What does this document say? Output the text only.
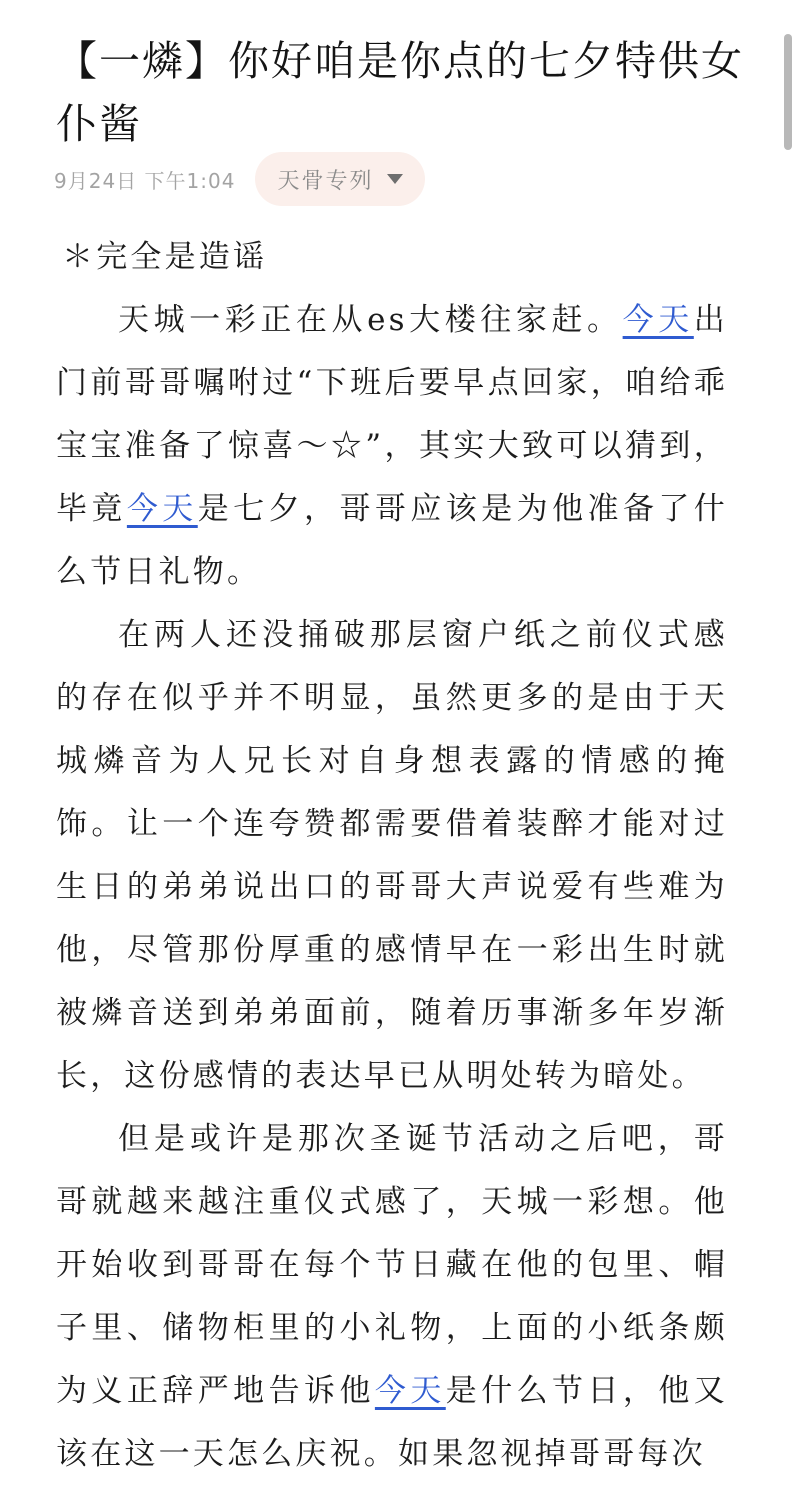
【一燐】你好咱是你点的七夕特供女仆酱
9月24日 下午1:04 天骨专列

＊完全是造谣

天城一彩正在从es大楼往家赶。今天出门前哥哥嘱咐过“下班后要早点回家，咱给乖宝宝准备了惊喜～☆”，其实大致可以猜到，毕竟今天是七夕，哥哥应该是为他准备了什么节日礼物。

在两人还没捅破那层窗户纸之前仪式感的存在似乎并不明显，虽然更多的是由于天城燐音为人兄长对自身想表露的情感的掩饰。让一个连夸赞都需要借着装醉才能对过生日的弟弟说出口的哥哥大声说爱有些难为他，尽管那份厚重的感情早在一彩出生时就被燐音送到弟弟面前，随着历事渐多年岁渐长，这份感情的表达早已从明处转为暗处。

但是或许是那次圣诞节活动之后吧，哥哥就越来越注重仪式感了，天城一彩想。他开始收到哥哥在每个节日藏在他的包里、帽子里、储物柜里的小礼物，上面的小纸条颇为义正辞严地告诉他今天是什么节日，他又该在这一天怎么庆祝。如果忽视掉哥哥每次
